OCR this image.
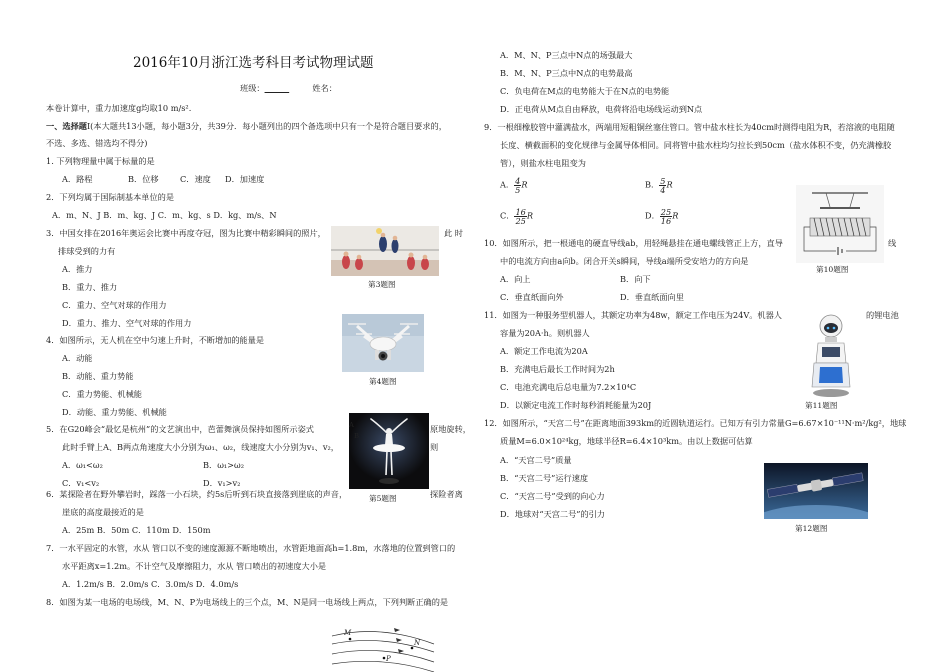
2016年10月浙江选考科目考试物理试题
班级：______	姓名：
本卷计算中，重力加速度g均取10 m/s².
一、选择题Ⅰ(本大题共13小题，每小题3分，共39分．每小题列出的四个备选项中只有一个是符合题目要求的，
不选、多选、错选均不得分)
1. 下列物理量中属于标量的是
A．路程	B．位移	C．速度 D．加速度
2．下列均属于国际制基本单位的是
A．m、N、J B．m、kg、J C．m、kg、s D．kg、m/s、N
3．中国女排在2016年奥运会比赛中再度夺冠，图为比赛中精彩瞬间的照片，	此 时
排球受到的力有
A．推力
B．重力、推力
C．重力、空气对球的作用力
D．重力、推力、空气对球的作用力
第3题图
4．如图所示，无人机在空中匀速上升时，不断增加的能量是
A．动能
B．动能、重力势能
C．重力势能、机械能
D．动能、重力势能、机械能
第4题图
5．在G20峰会“最忆是杭州”的文艺演出中，芭蕾舞演员保持如图所示姿式	原地旋转，
此时手臂上A、B两点角速度大小分别为ω₁、ω₂，线速度大小分别为v₁、v₂，	则
A．ω₁<ω₂	B．ω₁>ω₂
C．v₁<v₂	D．v₁>v₂
A
B
第5题图
6．某探险者在野外攀岩时，踩落一小石块，约5s后听到石块直接落到崖底的声音，	探险者离
崖底的高度最接近的是
A．25m B．50m C．110m D．150m
7．一水平固定的水管，水从 管口以不变的速度源源不断地喷出，水管距地面高h=1.8m，水落地的位置到管口的
水平距离x=1.2m。不计空气及摩擦阻力，水从 管口喷出的初速度大小是
A．1.2m/s B．2.0m/s C．3.0m/s D．4.0m/s
8．如图为某一电场的电场线，M、N、P为电场线上的三个点，M、N是同一电场线上两点，下列判断正确的是
M
N
P
A．M、N、P三点中N点的场强最大
B．M、N、P三点中N点的电势最高
C．负电荷在M点的电势能大于在N点的电势能
D．正电荷从M点自由释放，电荷将沿电场线运动到N点
9．一根细橡胶管中灌满盐水，两端用短粗铜丝塞住管口。管中盐水柱长为40cm时测得电阻为R，若溶液的电阻随
长度、横截面积的变化规律与金属导体相同。同将管中盐水柱均匀拉长到50cm（盐水体积不变，仍充满橡胶
管），则盐水柱电阻变为
A． $\frac{4}{5}$ R	B． $\frac{5}{4}$ R
C． $\frac{16}{25}$ R	D． $\frac{25}{16}$ R
第10题图
10．如图所示，把一根通电的硬直导线ab，用轻绳悬挂在通电螺线管正上方，直导	线
中的电流方向由a向b。闭合开关s瞬间，导线a端所受安培力的方向是
A．向上	B．向下
C．垂直纸面向外	D．垂直纸面向里
11．如图为一种服务型机器人，其额定功率为48w，额定工作电压为24V。机器人	的锂电池
容量为20A·h。则机器人
A．额定工作电流为20A
B．充满电后最长工作时间为2h
C．电池充满电后总电量为7.2×10⁴C
D．以额定电流工作时每秒消耗能量为20J	第11题图
12．如图所示，“天宫二号”在距离地面393km的近圆轨道运行。已知万有引力常量G=6.67×10⁻¹¹N·m²/kg²，地球
质量M=6.0×10²⁴kg，地球半径R=6.4×10³km。由以上数据可估算
A．“天宫二号”质量
B．“天宫二号”运行速度
C．“天宫二号”受到的向心力
D．地球对“天宫二号”的引力
第12题图
